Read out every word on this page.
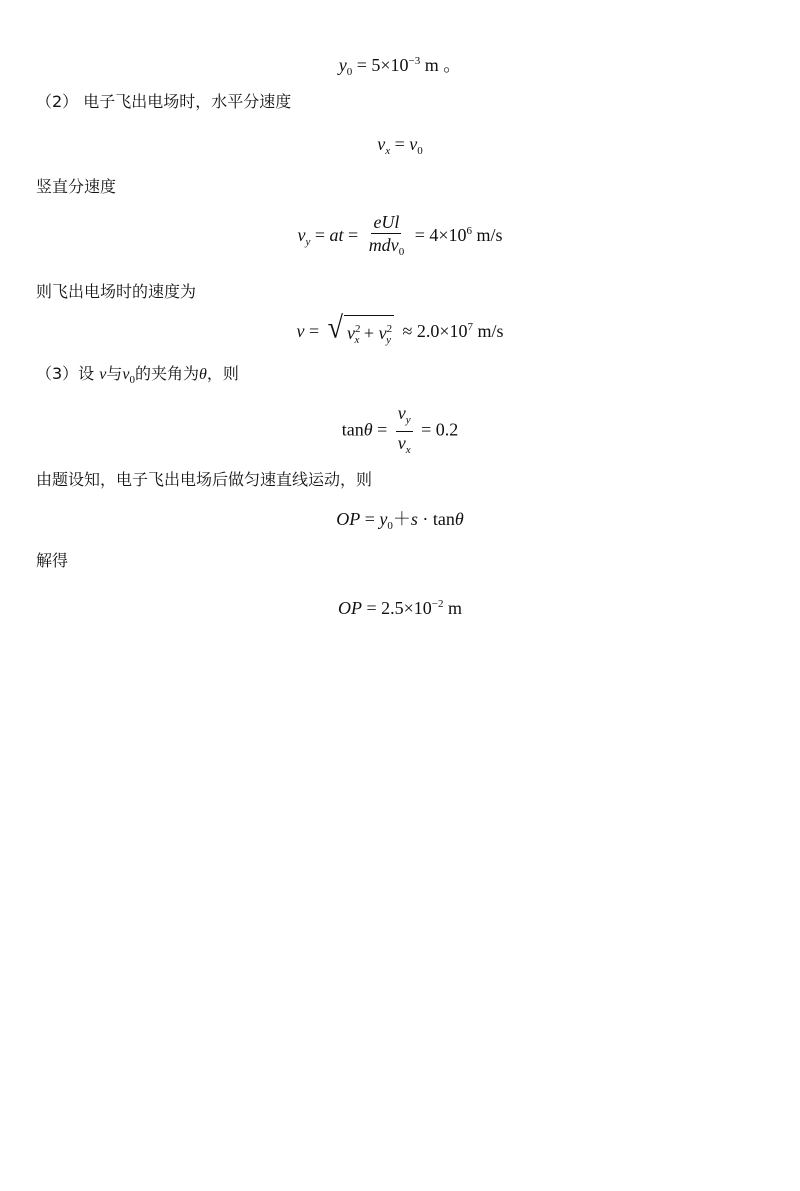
$y_0 = 5\times 10^{-3}$ m 。
（2） 电子飞出电场时，水平分速度
$v_x = v_0$
竖直分速度
$v_y$ = at = $\frac{\text{eUl}}{mdv_0} = 4\times 10^6$ m/s
则飞出电场时的速度为
v = √ $v^2_x + v^2_y \approx 2.0\times 10^7$ m/s
（3）设 v与$v_0$的夹角为θ，则
$\tan\theta = \frac{v_y}{v_x} = 0.2$
由题设知，电子飞出电场后做匀速直线运动，则
OP = $y_0+s \cdot \tan\theta$
解得
OP = $2.5\times 10^{-2}$ m
